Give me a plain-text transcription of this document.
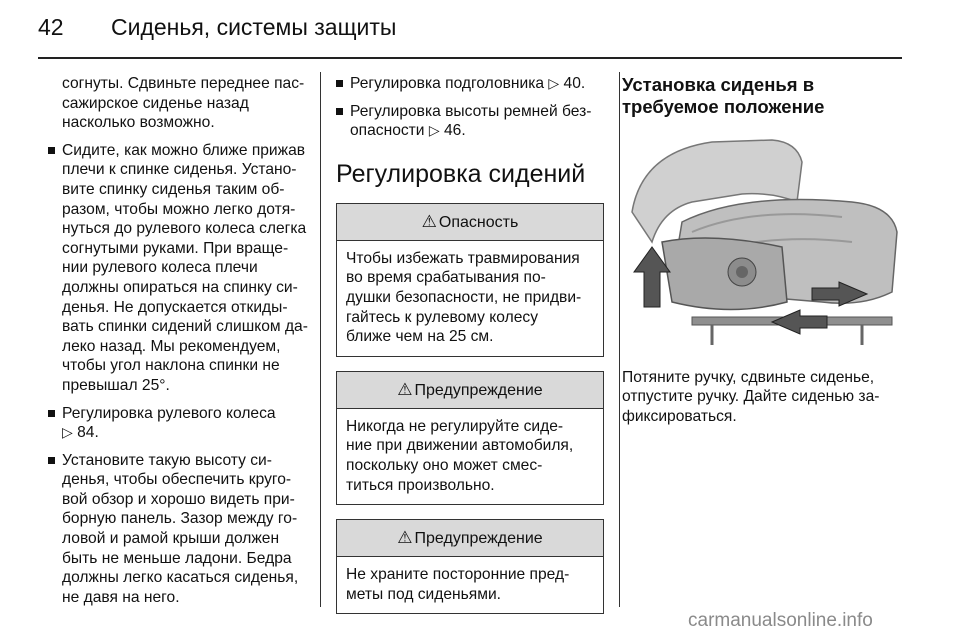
42 Сиденья, системы защиты

согнуты. Сдвиньте переднее пас-
сажирское сиденье назад
насколько возможно.

Сидите, как можно ближе прижав
плечи к спинке сиденья. Устано-
вите спинку сиденья таким об-
разом, чтобы можно легко дотя-
нуться до рулевого колеса слегка
согнутыми руками. При враще-
нии рулевого колеса плечи
должны опираться на спинку си-
денья. Не допускается откиды-
вать спинки сидений слишком да-
леко назад. Мы рекомендуем,
чтобы угол наклона спинки не
превышал 25°.
Регулировка рулевого колеса
▷ 84.
Установите такую высоту си-
денья, чтобы обеспечить круго-
вой обзор и хорошо видеть при-
борную панель. Зазор между го-
ловой и рамой крыши должен
быть не меньше ладони. Бедра
должны легко касаться сиденья,
не давя на него.
Регулировка подголовника ▷ 40.
Регулировка высоты ремней без-
опасности ▷ 46.
Регулировка сидений
⚠ Опасность
Чтобы избежать травмирования
во время срабатывания по-
душки безопасности, не придви-
гайтесь к рулевому колесу
ближе чем на 25 см.
⚠ Предупреждение
Никогда не регулируйте сиде-
ние при движении автомобиля,
поскольку оно может смес-
титься произвольно.
⚠ Предупреждение
Не храните посторонние пред-
меты под сиденьями.
Установка сиденья в
требуемое положение

Потяните ручку, сдвиньте сиденье,
отпустите ручку. Дайте сиденью за-
фиксироваться.

carmanualsonline.info
